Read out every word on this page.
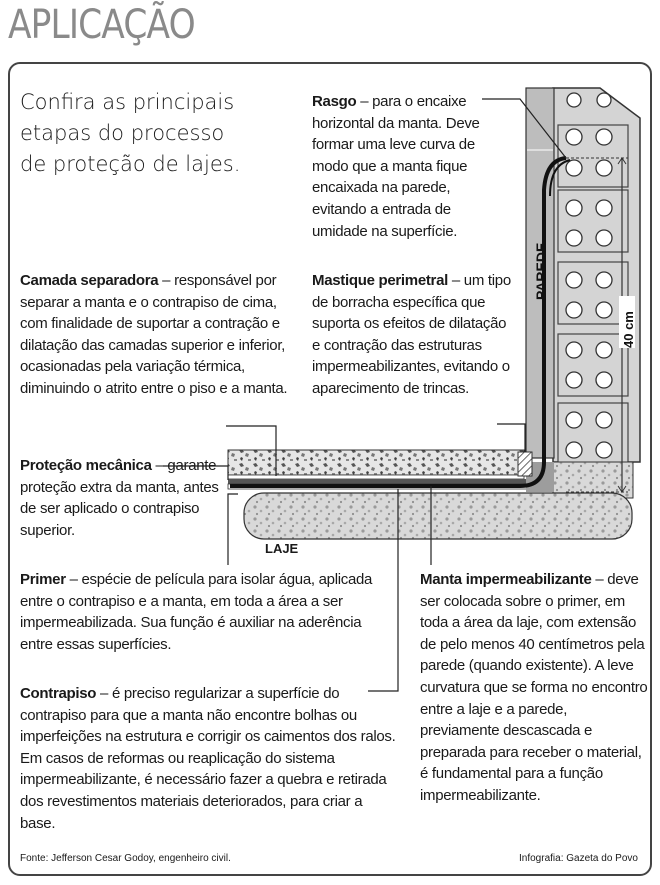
APLICAÇÃO
PAREDE
40 cm
LAJE
Confira as principais etapas do processo de proteção de lajes.
Rasgo – para o encaixe horizontal da manta. Deve formar uma leve curva de modo que a manta fique encaixada na parede, evitando a entrada de umidade na superfície.
Camada separadora – responsável por separar a manta e o contrapiso de cima, com finalidade de suportar a contração e dilatação das camadas superior e inferior, ocasionadas pela variação térmica, diminuindo o atrito entre o piso e a manta.
Mastique perimetral – um tipo de borracha específica que suporta os efeitos de dilatação e contração das estruturas impermeabilizantes, evitando o aparecimento de trincas.
Proteção mecânica – garante proteção extra da manta, antes de ser aplicado o contrapiso superior.
Primer – espécie de película para isolar água, aplicada entre o contrapiso e a manta, em toda a área a ser impermeabilizada. Sua função é auxiliar na aderência entre essas superfícies.
Manta impermeabilizante – deve ser colocada sobre o primer, em toda a área da laje, com extensão de pelo menos 40 centímetros pela parede (quando existente). A leve curvatura que se forma no encontro entre a laje e a parede, previamente descascada e preparada para receber o material, é fundamental para a função impermeabilizante.
Contrapiso – é preciso regularizar a superfície do contrapiso para que a manta não encontre bolhas ou imperfeições na estrutura e corrigir os caimentos dos ralos. Em casos de reformas ou reaplicação do sistema impermeabilizante, é necessário fazer a quebra e retirada dos revestimentos materiais deteriorados, para criar a base.
Fonte: Jefferson Cesar Godoy, engenheiro civil.	Infografia: Gazeta do Povo
